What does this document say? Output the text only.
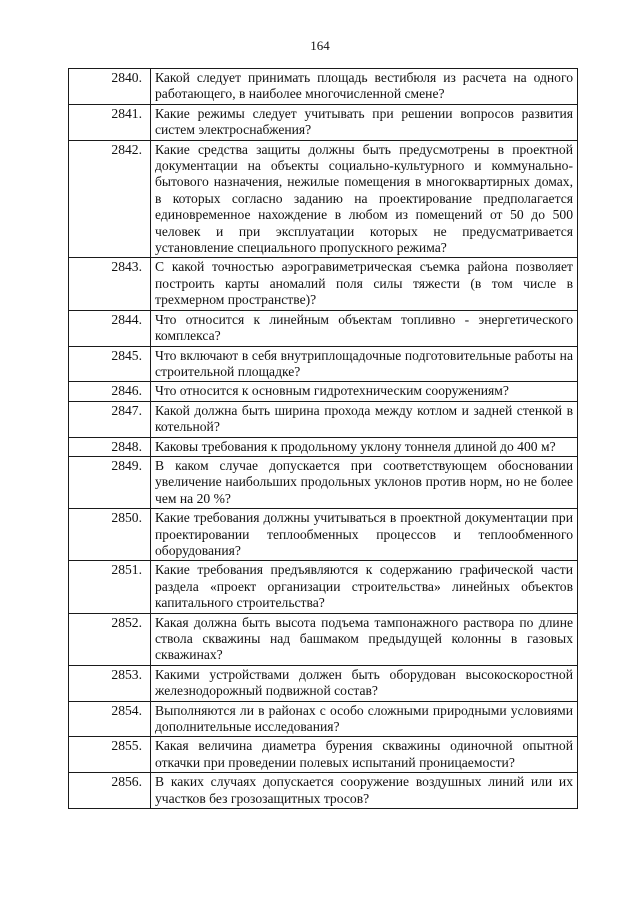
164
2840.	Какой следует принимать площадь вестибюля из расчета на одного работающего, в наиболее многочисленной смене?
2841.	Какие режимы следует учитывать при решении вопросов развития систем электроснабжения?
2842.	Какие средства защиты должны быть предусмотрены в проектной документации на объекты социально-культурного и коммунально-бытового назначения, нежилые помещения в многоквартирных домах, в которых согласно заданию на проектирование предполагается единовременное нахождение в любом из помещений от 50 до 500 человек и при эксплуатации которых не предусматривается установление специального пропускного режима?
2843.	С какой точностью аэрогравиметрическая съемка района позволяет построить карты аномалий поля силы тяжести (в том числе в трехмерном пространстве)?
2844.	Что относится к линейным объектам топливно - энергетического комплекса?
2845.	Что включают в себя внутриплощадочные подготовительные работы на строительной площадке?
2846.	Что относится к основным гидротехническим сооружениям?
2847.	Какой должна быть ширина прохода между котлом и задней стенкой в котельной?
2848.	Каковы требования к продольному уклону тоннеля длиной до 400 м?
2849.	В каком случае допускается при соответствующем обосновании увеличение наибольших продольных уклонов против норм, но не более чем на 20 %?
2850.	Какие требования должны учитываться в проектной документации при проектировании теплообменных процессов и теплообменного оборудования?
2851.	Какие требования предъявляются к содержанию графической части раздела «проект организации строительства» линейных объектов капитального строительства?
2852.	Какая должна быть высота подъема тампонажного раствора по длине ствола скважины над башмаком предыдущей колонны в газовых скважинах?
2853.	Какими устройствами должен быть оборудован высокоскоростной железнодорожный подвижной состав?
2854.	Выполняются ли в районах с особо сложными природными условиями дополнительные исследования?
2855.	Какая величина диаметра бурения скважины одиночной опытной откачки при проведении полевых испытаний проницаемости?
2856.	В каких случаях допускается сооружение воздушных линий или их участков без грозозащитных тросов?
